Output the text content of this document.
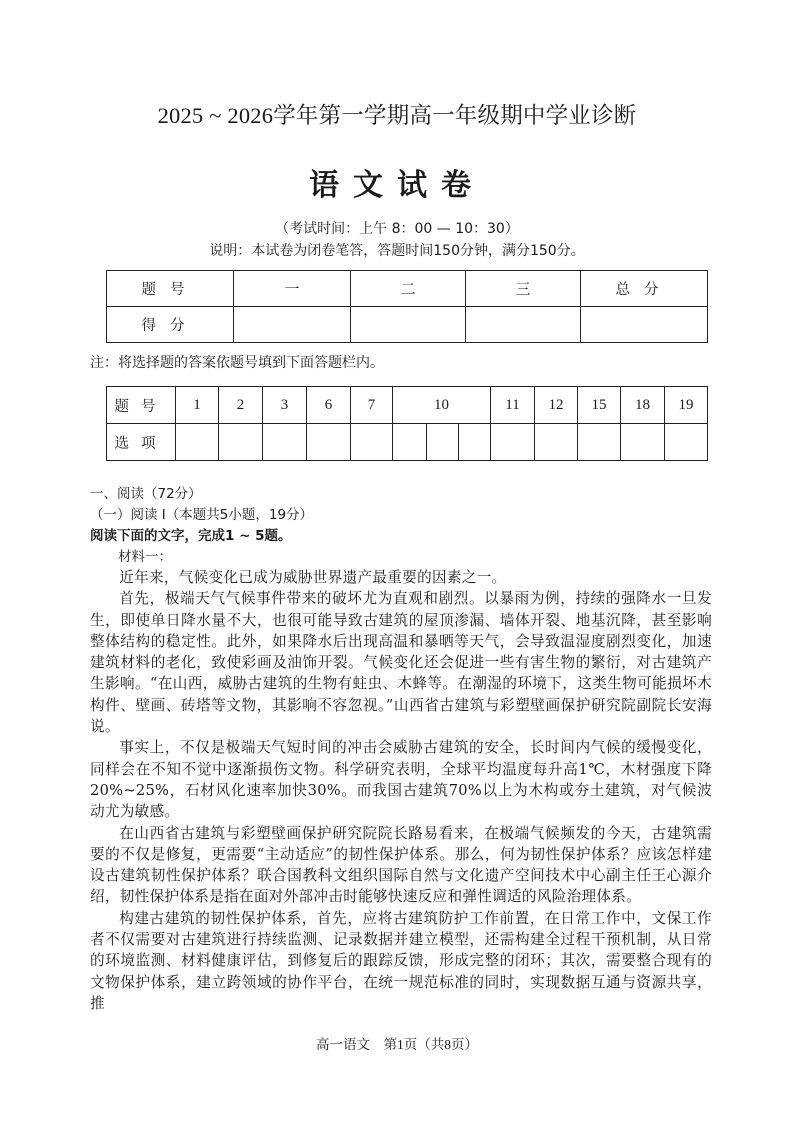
2025 ~ 2026学年第一学期高一年级期中学业诊断
语文试卷
（考试时间：上午 8：00 — 10：30）
说明：本试卷为闭卷笔答，答题时间150分钟，满分150分。
题号	一	二	三	总分
得分				
注：将选择题的答案依题号填到下面答题栏内。
题号	1	2	3	6	7	10			11	12	15	18	19
选项													
一、阅读（72分）
（一）阅读 I（本题共5小题，19分）
阅读下面的文字，完成1 ~ 5题。
材料一：

近年来，气候变化已成为威胁世界遗产最重要的因素之一。

首先，极端天气气候事件带来的破坏尤为直观和剧烈。以暴雨为例，持续的强降水一旦发生，即使单日降水量不大，也很可能导致古建筑的屋顶渗漏、墙体开裂、地基沉降，甚至影响整体结构的稳定性。此外，如果降水后出现高温和暴晒等天气，会导致温湿度剧烈变化，加速建筑材料的老化，致使彩画及油饰开裂。气候变化还会促进一些有害生物的繁衍，对古建筑产生影响。“在山西，威胁古建筑的生物有蛀虫、木蜂等。在潮湿的环境下，这类生物可能损坏木构件、壁画、砖塔等文物，其影响不容忽视。”山西省古建筑与彩塑壁画保护研究院副院长安海说。

事实上，不仅是极端天气短时间的冲击会威胁古建筑的安全，长时间内气候的缓慢变化，同样会在不知不觉中逐渐损伤文物。科学研究表明，全球平均温度每升高1℃，木材强度下降20%~25%，石材风化速率加快30%。而我国古建筑70%以上为木构或夯土建筑，对气候波动尤为敏感。

在山西省古建筑与彩塑壁画保护研究院院长路易看来，在极端气候频发的今天，古建筑需要的不仅是修复，更需要“主动适应”的韧性保护体系。那么，何为韧性保护体系？应该怎样建设古建筑韧性保护体系？联合国教科文组织国际自然与文化遗产空间技术中心副主任王心源介绍，韧性保护体系是指在面对外部冲击时能够快速反应和弹性调适的风险治理体系。

构建古建筑的韧性保护体系，首先，应将古建筑防护工作前置，在日常工作中，文保工作者不仅需要对古建筑进行持续监测、记录数据并建立模型，还需构建全过程干预机制，从日常的环境监测、材料健康评估，到修复后的跟踪反馈，形成完整的闭环；其次，需要整合现有的文物保护体系，建立跨领域的协作平台，在统一规范标准的同时，实现数据互通与资源共享，推

高一语文　第1页（共8页）
